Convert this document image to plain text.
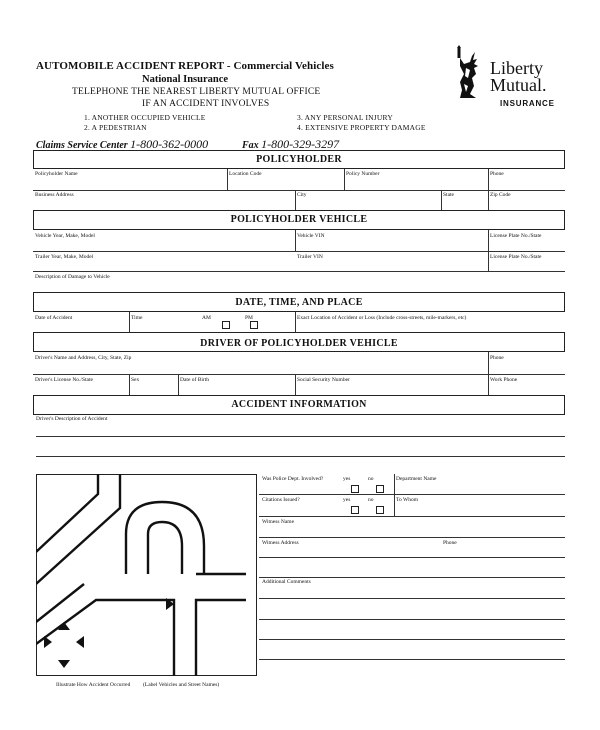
AUTOMOBILE ACCIDENT REPORT - Commercial Vehicles
National Insurance
TELEPHONE THE NEAREST LIBERTY MUTUAL OFFICE
IF AN ACCIDENT INVOLVES
1. ANOTHER OCCUPIED VEHICLE
2. A PEDESTRIAN
3. ANY PERSONAL INJURY
4. EXTENSIVE PROPERTY DAMAGE
Claims Service Center 1-800-362-0000	Fax 1-800-329-3297
Liberty
Mutual.
INSURANCE
POLICYHOLDER
Policyholder Name	Location Code	Policy Number	Phone
Business Address	City	State	Zip Code
POLICYHOLDER VEHICLE
Vehicle Year, Make, Model	Vehicle VIN	License Plate No./State
Trailer Year, Make, Model	Trailer VIN	License Plate No./State
Description of Damage to Vehicle
DATE, TIME, AND PLACE
Date of Accident	Time	AM	PM	Exact Location of Accident or Loss (Include cross-streets, mile-markers, etc)
DRIVER OF POLICYHOLDER VEHICLE
Driver's Name and Address, City, State, Zip	Phone
Driver's License No./State	Sex	Date of Birth	Social Security Number	Work Phone
ACCIDENT INFORMATION
Driver's Description of Accident
Was Police Dept. Involved?	yes	no	Department Name
Citations Issued?	yes	no	To Whom
Witness Name
Witness Address	Phone
Additional Comments
Illustrate How Accident Occurred (Label Vehicles and Street Names)
